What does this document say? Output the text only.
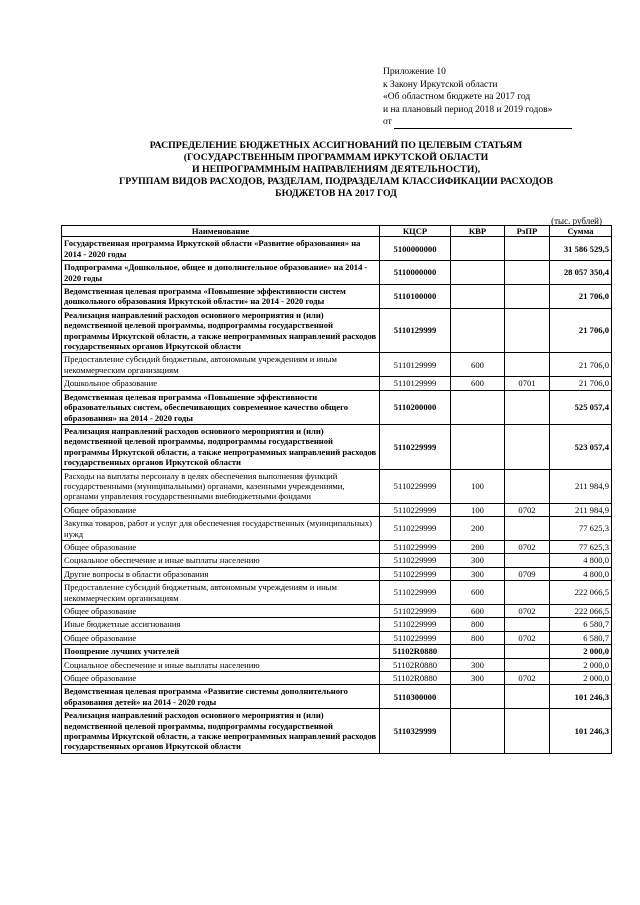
Приложение 10
к Закону Иркутской области
«Об областном бюджете на 2017 год
и на плановый период 2018 и 2019 годов»
от
РАСПРЕДЕЛЕНИЕ БЮДЖЕТНЫХ АССИГНОВАНИЙ ПО ЦЕЛЕВЫМ СТАТЬЯМ
(ГОСУДАРСТВЕННЫМ ПРОГРАММАМ ИРКУТСКОЙ ОБЛАСТИ
И НЕПРОГРАММНЫМ НАПРАВЛЕНИЯМ ДЕЯТЕЛЬНОСТИ),
ГРУППАМ ВИДОВ РАСХОДОВ, РАЗДЕЛАМ, ПОДРАЗДЕЛАМ КЛАССИФИКАЦИИ РАСХОДОВ
БЮДЖЕТОВ НА 2017 ГОД
(тыс. рублей)
Наименование	КЦСР	КВР	РзПР	Сумма
Государственная программа Иркутской области «Развитие образования» на 2014 - 2020 годы	5100000000			31 586 529,5
Подпрограмма «Дошкольное, общее и дополнительное образование» на 2014 - 2020 годы	5110000000			28 057 350,4
Ведомственная целевая программа «Повышение эффективности систем дошкольного образования Иркутской области» на 2014 - 2020 годы	5110100000			21 706,0
Реализация направлений расходов основного мероприятия и (или) ведомственной целевой программы, подпрограммы государственной программы Иркутской области, а также непрограммных направлений расходов государственных органов Иркутской области	5110129999			21 706,0
Предоставление субсидий бюджетным, автономным учреждениям и иным некоммерческим организациям	5110129999	600		21 706,0
Дошкольное образование	5110129999	600	0701	21 706,0
Ведомственная целевая программа «Повышение эффективности образовательных систем, обеспечивающих современное качество общего образования» на 2014 - 2020 годы	5110200000			525 057,4
Реализация направлений расходов основного мероприятия и (или) ведомственной целевой программы, подпрограммы государственной программы Иркутской области, а также непрограммных направлений расходов государственных органов Иркутской области	5110229999			523 057,4
Расходы на выплаты персоналу в целях обеспечения выполнения функций государственными (муниципальными) органами, казенными учреждениями, органами управления государственными внебюджетными фондами	5110229999	100		211 984,9
Общее образование	5110229999	100	0702	211 984,9
Закупка товаров, работ и услуг для обеспечения государственных (муниципальных) нужд	5110229999	200		77 625,3
Общее образование	5110229999	200	0702	77 625,3
Социальное обеспечение и иные выплаты населению	5110229999	300		4 800,0
Другие вопросы в области образования	5110229999	300	0709	4 800,0
Предоставление субсидий бюджетным, автономным учреждениям и иным некоммерческим организациям	5110229999	600		222 066,5
Общее образование	5110229999	600	0702	222 066,5
Иные бюджетные ассигнования	5110229999	800		6 580,7
Общее образование	5110229999	800	0702	6 580,7
Поощрение лучших учителей	51102R0880			2 000,0
Социальное обеспечение и иные выплаты населению	51102R0880	300		2 000,0
Общее образование	51102R0880	300	0702	2 000,0
Ведомственная целевая программа «Развитие системы дополнительного образования детей» на 2014 - 2020 годы	5110300000			101 246,3
Реализация направлений расходов основного мероприятия и (или) ведомственной целевой программы, подпрограммы государственной программы Иркутской области, а также непрограммных направлений расходов государственных органов Иркутской области	5110329999			101 246,3
